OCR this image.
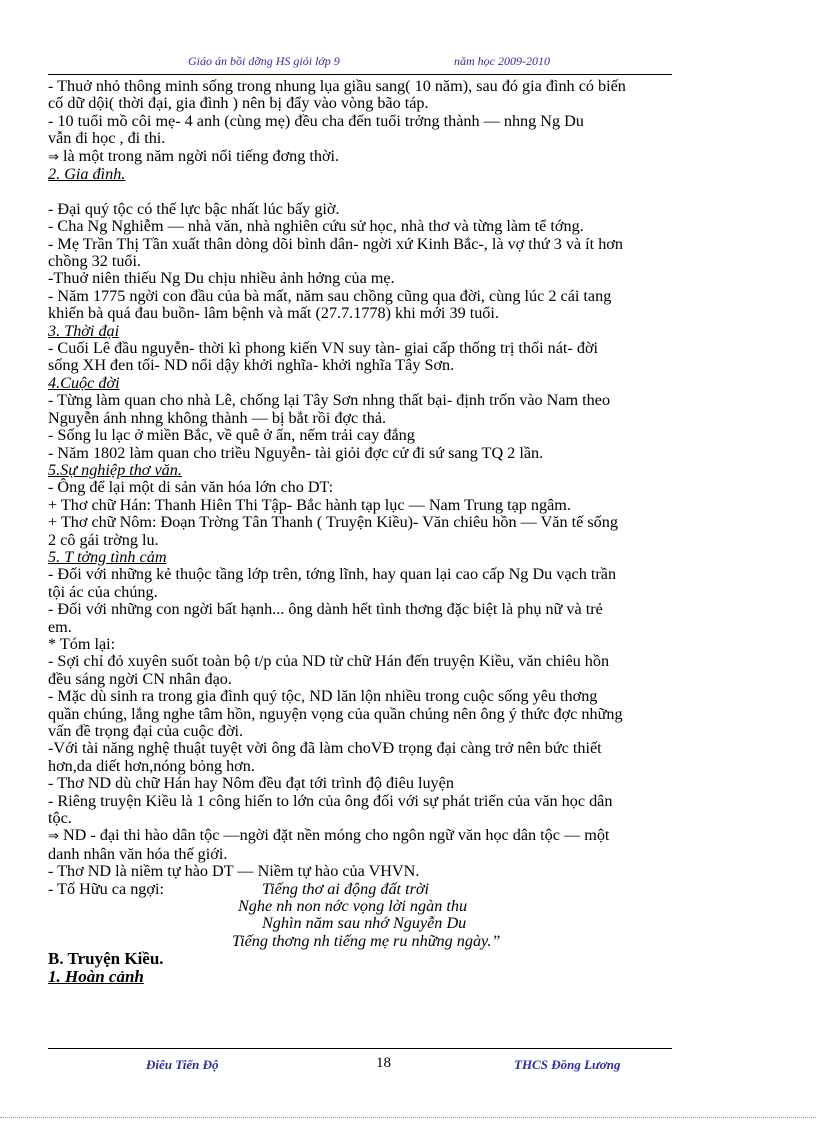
Giáo án bồi dỡng HS giỏi lớp 9	năm học 2009-2010

- Thuở nhỏ thông minh sống trong nhung lụa giầu sang( 10 năm), sau đó gia đình có biến

cố dữ dội( thời đại, gia đình ) nên bị đẩy vào vòng bão táp.

- 10 tuổi mồ côi mẹ- 4 anh (cùng mẹ) đều cha đến tuổi trởng thành — nhng Ng Du

vẫn đi học , đi thi.

⇒ là một trong năm ngời nổi tiếng đơng thời.

2. Gia đình.

- Đại quý tộc có thế lực bậc nhất lúc bấy giờ.

- Cha Ng Nghiễm — nhà văn, nhà nghiên cứu sử học, nhà thơ và từng làm tể tớng.

- Mẹ Trần Thị Tần xuất thân dòng dõi bình dân- ngời xứ Kinh Bắc-, là vợ thứ 3 và ít hơn

chồng 32 tuổi.

-Thuở niên thiếu Ng Du chịu nhiều ảnh hởng của mẹ.

- Năm 1775 ngời con đầu của bà mất, năm sau chồng cũng qua đời, cùng lúc 2 cái tang

khiến bà quá đau buồn- lâm bệnh và mất (27.7.1778) khi mới 39 tuổi.

3. Thời đại

- Cuối Lê đầu nguyễn- thời kì phong kiến VN suy tàn- giai cấp thống trị thối nát- đời

sống XH đen tối- ND nổi dậy khởi nghĩa- khởi nghĩa Tây Sơn.

4.Cuộc đời

- Từng làm quan cho nhà Lê, chống lại Tây Sơn nhng thất bại- định trốn vào Nam theo

Nguyễn ánh nhng không thành — bị bắt rồi đợc thả.

- Sống lu lạc ở miền Bắc, về quê ở ẩn, nếm trải cay đắng

- Năm 1802 làm quan cho triều Nguyễn- tài giỏi đợc cử đi sứ sang TQ 2 lần.

5.Sự nghiệp thơ văn.

- Ông để lại một di sản văn hóa lớn cho DT:

+ Thơ chữ Hán: Thanh Hiên Thi Tập- Bắc hành tạp lục — Nam Trung tạp ngâm.

+ Thơ chữ Nôm: Đoạn Trờng Tân Thanh ( Truyện Kiều)- Văn chiêu hồn — Văn tế sống

2 cô gái trờng lu.

5. T tởng tình cảm

- Đối với những kẻ thuộc tầng lớp trên, tớng lĩnh, hay quan lại cao cấp Ng Du vạch trần

tội ác của chúng.

- Đối với những con ngời bất hạnh... ông dành hết tình thơng đặc biệt là phụ nữ và trẻ

em.

* Tóm lại:

- Sợi chỉ đỏ xuyên suốt toàn bộ t/p của ND từ chữ Hán đến truyện Kiều, văn chiêu hồn

đều sáng ngời CN nhân đạo.

- Mặc dù sinh ra trong gia đình quý tộc, ND lăn lộn nhiều trong cuộc sống yêu thơng

quần chúng, lắng nghe tâm hồn, nguyện vọng của quần chúng nên ông ý thức đợc những

vấn đề trọng đại của cuộc đời.

-Với tài năng nghệ thuật tuyệt vời ông đã làm choVĐ trọng đại càng trở nên bức thiết

hơn,da diết hơn,nóng bỏng hơn.

- Thơ ND dù chữ Hán hay Nôm đều đạt tới trình độ điêu luyện

- Riêng truyện Kiều là 1 công hiến to lớn của ông đối với sự phát triển của văn học dân

tộc.

⇒ ND - đại thi hào dân tộc —ngời đặt nền móng cho ngôn ngữ văn học dân tộc — một

danh nhân văn hóa thế giới.

- Thơ ND là niềm tự hào DT — Niềm tự hào của VHVN.

- Tố Hữu ca ngợi:	Tiếng thơ ai động đất trời
Nghe nh non nớc vọng lời ngàn thu
Nghìn năm sau nhớ Nguyễn Du
Tiếng thơng nh tiếng mẹ ru những ngày.”

B. Truyện Kiều.

1. Hoàn cảnh

Điêu Tiến Độ	18	THCS Đồng Lương
